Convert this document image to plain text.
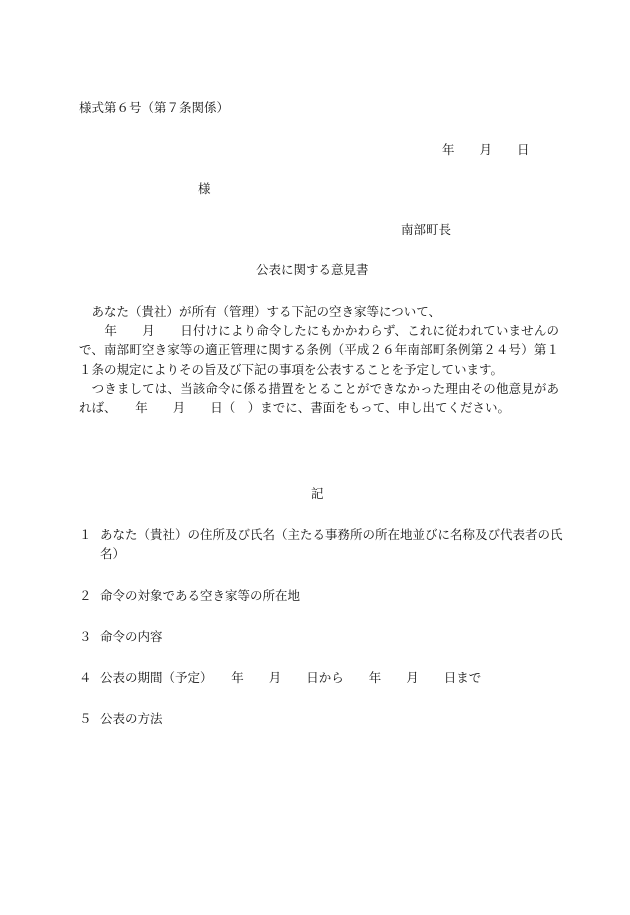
様式第６号（第７条関係）
年　　月　　日
様
南部町長
公表に関する意見書

　あなた（貴社）が所有（管理）する下記の空き家等について、

　　年　　月　　日付けにより命令したにもかかわらず、これに従われていませんので、南部町空き家等の適正管理に関する条例（平成２６年南部町条例第２４号）第１１条の規定によりその旨及び下記の事項を公表することを予定しています。

　つきましては、当該命令に係る措置をとることができなかった理由その他意見があれば、　　年　　月　　日（　）までに、書面をもって、申し出てください。

記
１ あなた（貴社）の住所及び氏名（主たる事務所の所在地並びに名称及び代表者の氏名）
２ 命令の対象である空き家等の所在地
３ 命令の内容
４ 公表の期間（予定）　　年　　月　　日から　　年　　月　　日まで
５ 公表の方法
